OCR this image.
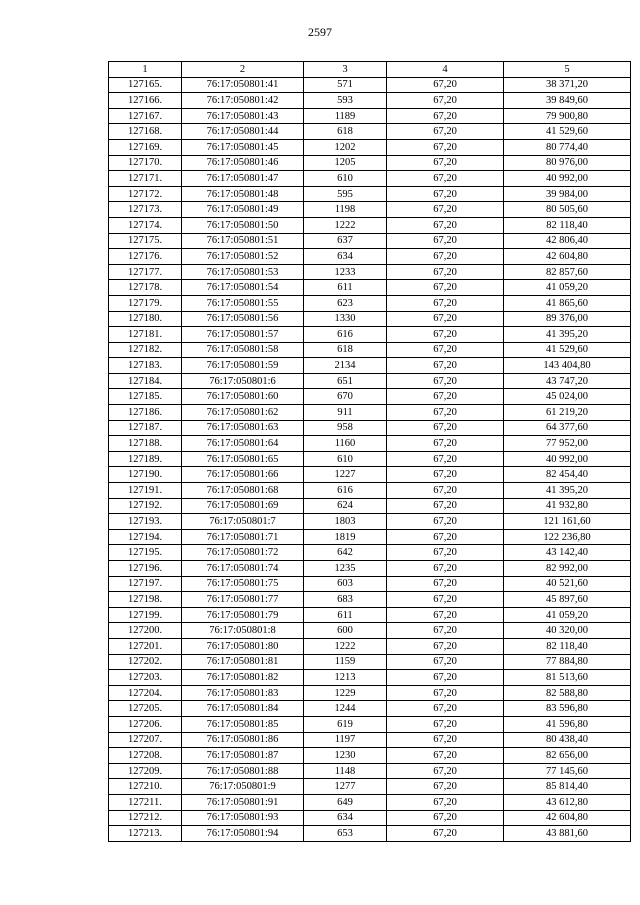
2597
1	2	3	4	5
127165.	76:17:050801:41	571	67,20	38 371,20
127166.	76:17:050801:42	593	67,20	39 849,60
127167.	76:17:050801:43	1189	67,20	79 900,80
127168.	76:17:050801:44	618	67,20	41 529,60
127169.	76:17:050801:45	1202	67,20	80 774,40
127170.	76:17:050801:46	1205	67,20	80 976,00
127171.	76:17:050801:47	610	67,20	40 992,00
127172.	76:17:050801:48	595	67,20	39 984,00
127173.	76:17:050801:49	1198	67,20	80 505,60
127174.	76:17:050801:50	1222	67,20	82 118,40
127175.	76:17:050801:51	637	67,20	42 806,40
127176.	76:17:050801:52	634	67,20	42 604,80
127177.	76:17:050801:53	1233	67,20	82 857,60
127178.	76:17:050801:54	611	67,20	41 059,20
127179.	76:17:050801:55	623	67,20	41 865,60
127180.	76:17:050801:56	1330	67,20	89 376,00
127181.	76:17:050801:57	616	67,20	41 395,20
127182.	76:17:050801:58	618	67,20	41 529,60
127183.	76:17:050801:59	2134	67,20	143 404,80
127184.	76:17:050801:6	651	67,20	43 747,20
127185.	76:17:050801:60	670	67,20	45 024,00
127186.	76:17:050801:62	911	67,20	61 219,20
127187.	76:17:050801:63	958	67,20	64 377,60
127188.	76:17:050801:64	1160	67,20	77 952,00
127189.	76:17:050801:65	610	67,20	40 992,00
127190.	76:17:050801:66	1227	67,20	82 454,40
127191.	76:17:050801:68	616	67,20	41 395,20
127192.	76:17:050801:69	624	67,20	41 932,80
127193.	76:17:050801:7	1803	67,20	121 161,60
127194.	76:17:050801:71	1819	67,20	122 236,80
127195.	76:17:050801:72	642	67,20	43 142,40
127196.	76:17:050801:74	1235	67,20	82 992,00
127197.	76:17:050801:75	603	67,20	40 521,60
127198.	76:17:050801:77	683	67,20	45 897,60
127199.	76:17:050801:79	611	67,20	41 059,20
127200.	76:17:050801:8	600	67,20	40 320,00
127201.	76:17:050801:80	1222	67,20	82 118,40
127202.	76:17:050801:81	1159	67,20	77 884,80
127203.	76:17:050801:82	1213	67,20	81 513,60
127204.	76:17:050801:83	1229	67,20	82 588,80
127205.	76:17:050801:84	1244	67,20	83 596,80
127206.	76:17:050801:85	619	67,20	41 596,80
127207.	76:17:050801:86	1197	67,20	80 438,40
127208.	76:17:050801:87	1230	67,20	82 656,00
127209.	76:17:050801:88	1148	67,20	77 145,60
127210.	76:17:050801:9	1277	67,20	85 814,40
127211.	76:17:050801:91	649	67,20	43 612,80
127212.	76:17:050801:93	634	67,20	42 604,80
127213.	76:17:050801:94	653	67,20	43 881,60
